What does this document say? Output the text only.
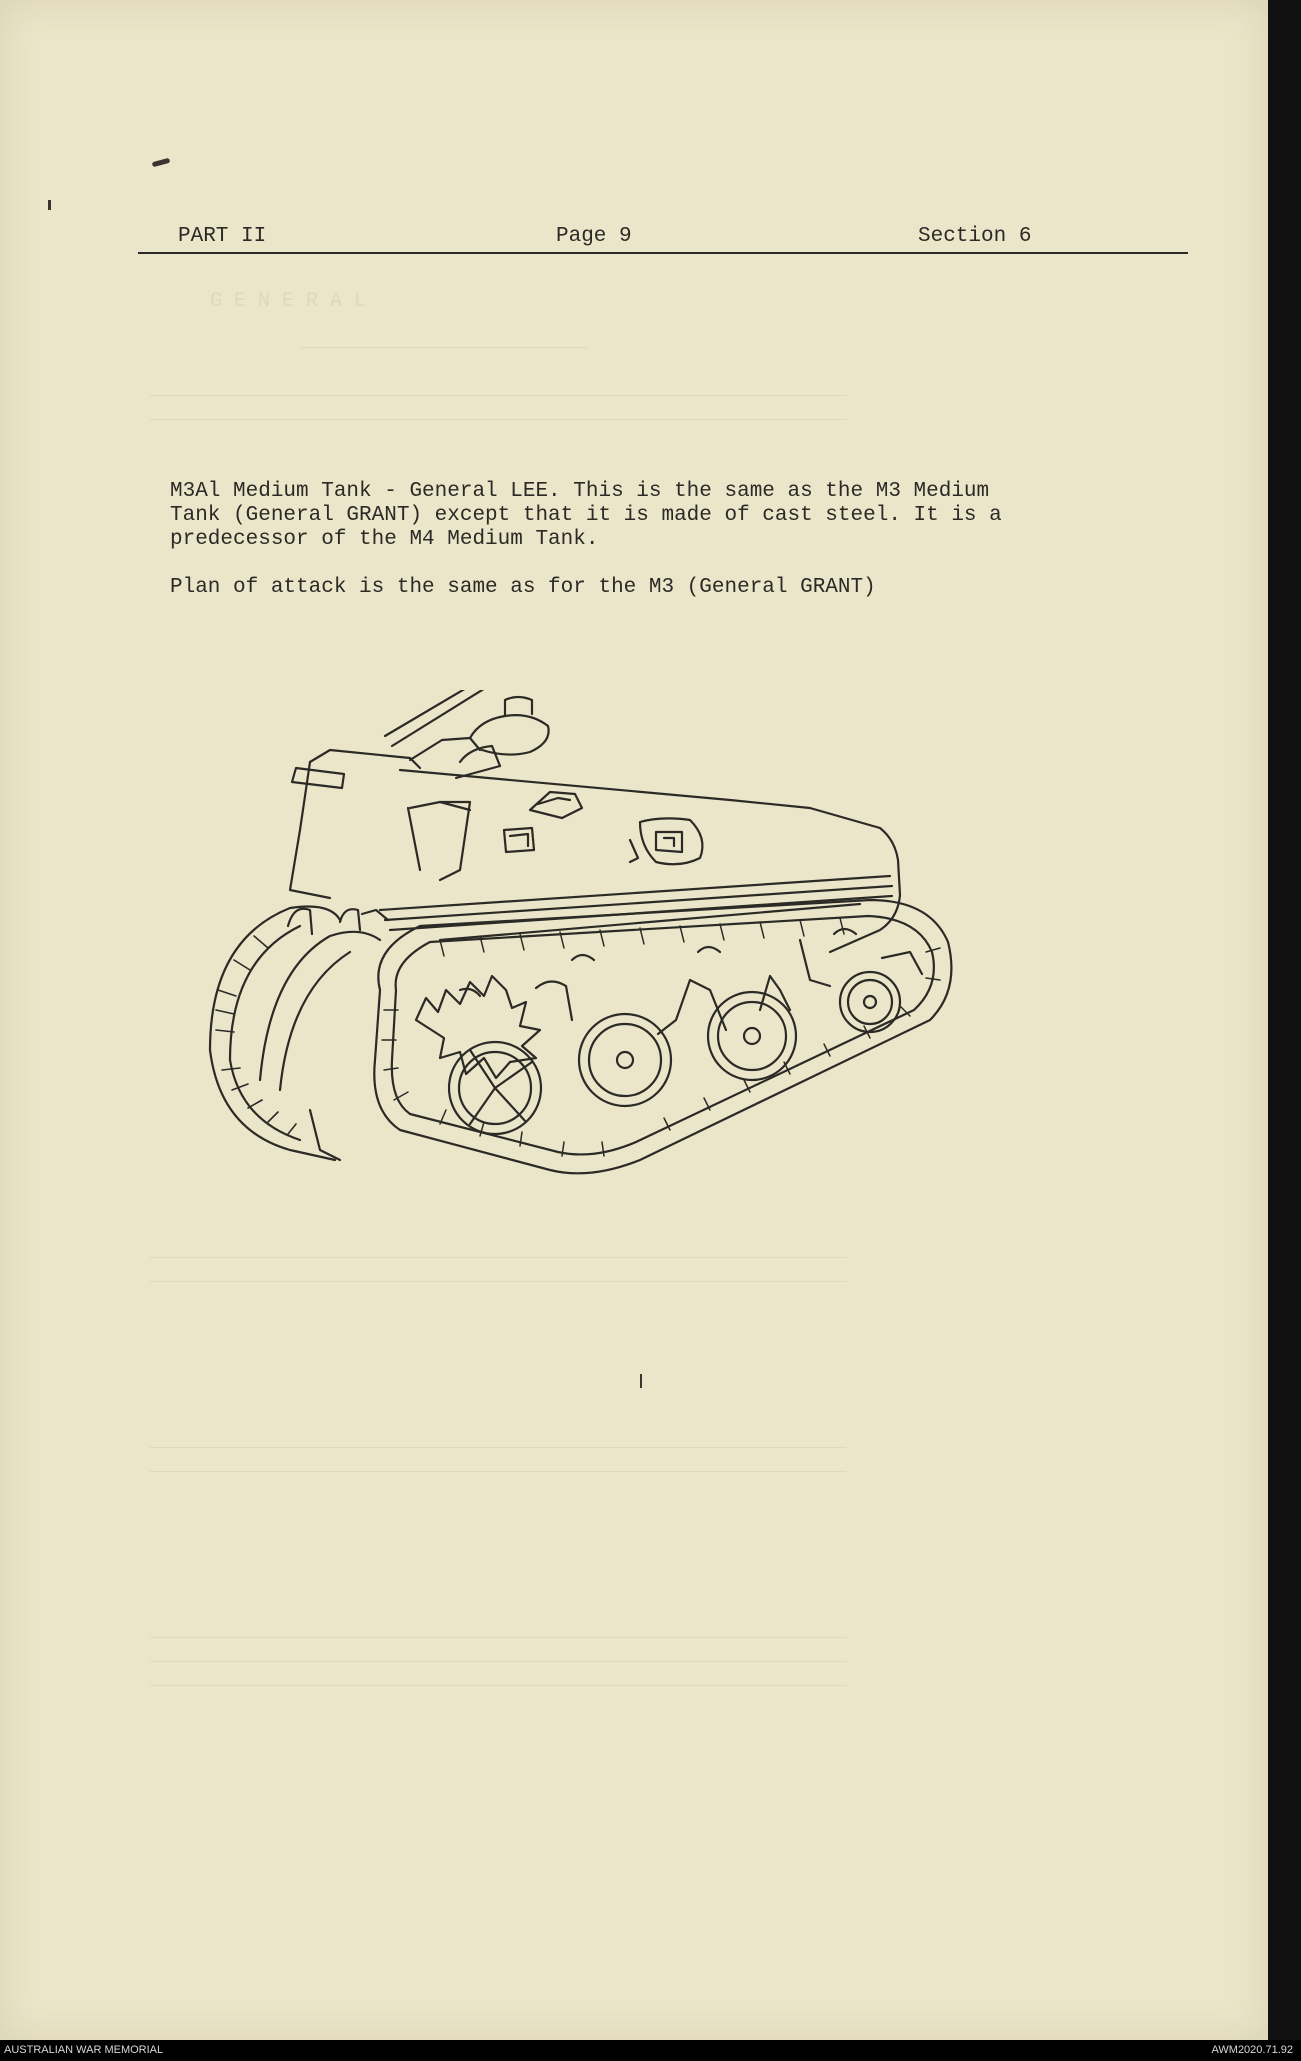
G E N E R A L
________________________
__________________________________________________________
__________________________________________________________
__________________________________________________________
__________________________________________________________
__________________________________________________________
__________________________________________________________
__________________________________________________________
__________________________________________________________
__________________________________________________________
PART II	Page 9	Section 6
M3Al Medium Tank - General LEE. This is the same as the M3 Medium
Tank (General GRANT) except that it is made of cast steel. It is a
predecessor of the M4 Medium Tank.
Plan of attack is the same as for the M3 (General GRANT)
AUSTRALIAN WAR MEMORIAL	AWM2020.71.92
